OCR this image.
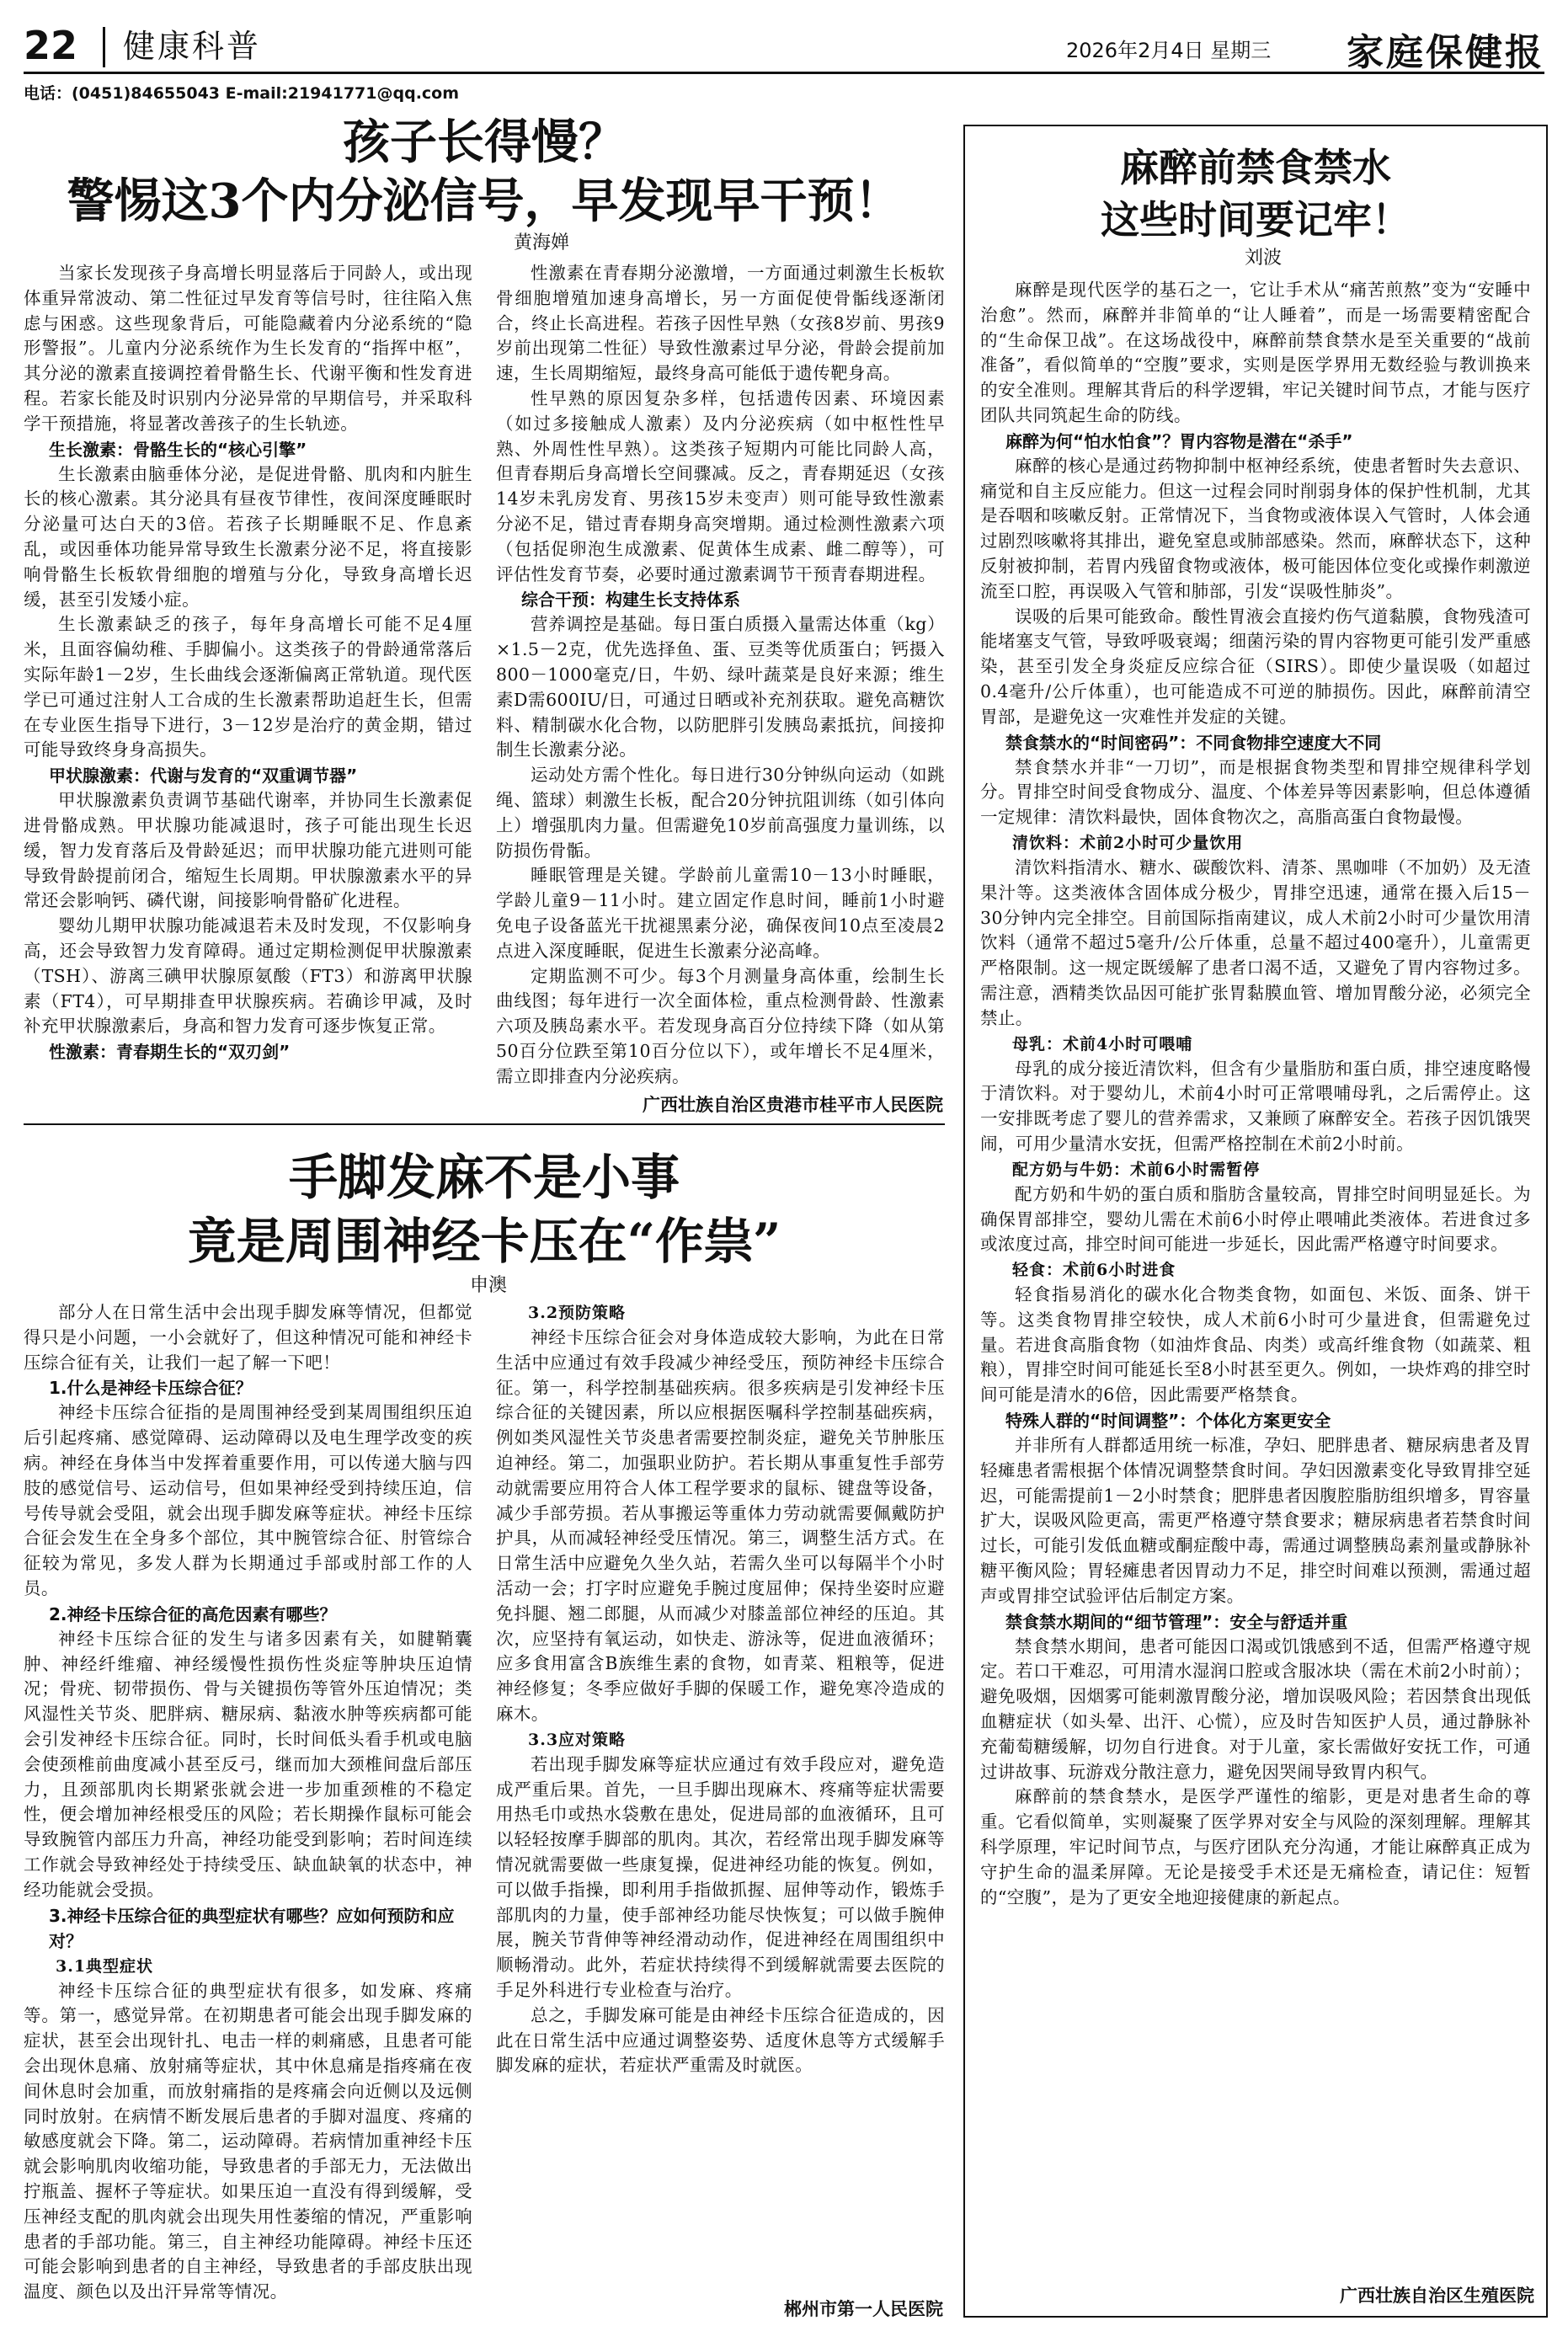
22 健康科普	2026年2月4日 星期三 家庭保健报
电话：(0451)84655043 E-mail:21941771@qq.com
孩子长得慢？
警惕这3个内分泌信号，早发现早干预！
黄海婵

当家长发现孩子身高增长明显落后于同龄人，或出现体重异常波动、第二性征过早发育等信号时，往往陷入焦虑与困惑。这些现象背后，可能隐藏着内分泌系统的“隐形警报”。儿童内分泌系统作为生长发育的“指挥中枢”，其分泌的激素直接调控着骨骼生长、代谢平衡和性发育进程。若家长能及时识别内分泌异常的早期信号，并采取科学干预措施，将显著改善孩子的生长轨迹。

生长激素：骨骼生长的“核心引擎”

生长激素由脑垂体分泌，是促进骨骼、肌肉和内脏生长的核心激素。其分泌具有昼夜节律性，夜间深度睡眠时分泌量可达白天的3倍。若孩子长期睡眠不足、作息紊乱，或因垂体功能异常导致生长激素分泌不足，将直接影响骨骼生长板软骨细胞的增殖与分化，导致身高增长迟缓，甚至引发矮小症。

生长激素缺乏的孩子，每年身高增长可能不足4厘米，且面容偏幼稚、手脚偏小。这类孩子的骨龄通常落后实际年龄1－2岁，生长曲线会逐渐偏离正常轨道。现代医学已可通过注射人工合成的生长激素帮助追赶生长，但需在专业医生指导下进行，3－12岁是治疗的黄金期，错过可能导致终身身高损失。

甲状腺激素：代谢与发育的“双重调节器”

甲状腺激素负责调节基础代谢率，并协同生长激素促进骨骼成熟。甲状腺功能减退时，孩子可能出现生长迟缓，智力发育落后及骨龄延迟；而甲状腺功能亢进则可能导致骨龄提前闭合，缩短生长周期。甲状腺激素水平的异常还会影响钙、磷代谢，间接影响骨骼矿化进程。

婴幼儿期甲状腺功能减退若未及时发现，不仅影响身高，还会导致智力发育障碍。通过定期检测促甲状腺激素（TSH）、游离三碘甲状腺原氨酸（FT3）和游离甲状腺素（FT4），可早期排查甲状腺疾病。若确诊甲减，及时补充甲状腺激素后，身高和智力发育可逐步恢复正常。

性激素：青春期生长的“双刃剑”

性激素在青春期分泌激增，一方面通过刺激生长板软骨细胞增殖加速身高增长，另一方面促使骨骺线逐渐闭合，终止长高进程。若孩子因性早熟（女孩8岁前、男孩9岁前出现第二性征）导致性激素过早分泌，骨龄会提前加速，生长周期缩短，最终身高可能低于遗传靶身高。

性早熟的原因复杂多样，包括遗传因素、环境因素（如过多接触成人激素）及内分泌疾病（如中枢性性早熟、外周性性早熟）。这类孩子短期内可能比同龄人高，但青春期后身高增长空间骤减。反之，青春期延迟（女孩14岁未乳房发育、男孩15岁未变声）则可能导致性激素分泌不足，错过青春期身高突增期。通过检测性激素六项（包括促卵泡生成激素、促黄体生成素、雌二醇等），可评估性发育节奏，必要时通过激素调节干预青春期进程。

综合干预：构建生长支持体系

营养调控是基础。每日蛋白质摄入量需达体重（kg）×1.5－2克，优先选择鱼、蛋、豆类等优质蛋白；钙摄入800－1000毫克/日，牛奶、绿叶蔬菜是良好来源；维生素D需600IU/日，可通过日晒或补充剂获取。避免高糖饮料、精制碳水化合物，以防肥胖引发胰岛素抵抗，间接抑制生长激素分泌。

运动处方需个性化。每日进行30分钟纵向运动（如跳绳、篮球）刺激生长板，配合20分钟抗阻训练（如引体向上）增强肌肉力量。但需避免10岁前高强度力量训练，以防损伤骨骺。

睡眠管理是关键。学龄前儿童需10－13小时睡眠，学龄儿童9－11小时。建立固定作息时间，睡前1小时避免电子设备蓝光干扰褪黑素分泌，确保夜间10点至凌晨2点进入深度睡眠，促进生长激素分泌高峰。

定期监测不可少。每3个月测量身高体重，绘制生长曲线图；每年进行一次全面体检，重点检测骨龄、性激素六项及胰岛素水平。若发现身高百分位持续下降（如从第50百分位跌至第10百分位以下），或年增长不足4厘米，需立即排查内分泌疾病。

广西壮族自治区贵港市桂平市人民医院
手脚发麻不是小事
竟是周围神经卡压在“作祟”
申澳

部分人在日常生活中会出现手脚发麻等情况，但都觉得只是小问题，一小会就好了，但这种情况可能和神经卡压综合征有关，让我们一起了解一下吧！

1.什么是神经卡压综合征？

神经卡压综合征指的是周围神经受到某周围组织压迫后引起疼痛、感觉障碍、运动障碍以及电生理学改变的疾病。神经在身体当中发挥着重要作用，可以传递大脑与四肢的感觉信号、运动信号，但如果神经受到持续压迫，信号传导就会受阻，就会出现手脚发麻等症状。神经卡压综合征会发生在全身多个部位，其中腕管综合征、肘管综合征较为常见，多发人群为长期通过手部或肘部工作的人员。

2.神经卡压综合征的高危因素有哪些？

神经卡压综合征的发生与诸多因素有关，如腱鞘囊肿、神经纤维瘤、神经缓慢性损伤性炎症等肿块压迫情况；骨疣、韧带损伤、骨与关键损伤等管外压迫情况；类风湿性关节炎、肥胖病、糖尿病、黏液水肿等疾病都可能会引发神经卡压综合征。同时，长时间低头看手机或电脑会使颈椎前曲度减小甚至反弓，继而加大颈椎间盘后部压力，且颈部肌肉长期紧张就会进一步加重颈椎的不稳定性，便会增加神经根受压的风险；若长期操作鼠标可能会导致腕管内部压力升高，神经功能受到影响；若时间连续工作就会导致神经处于持续受压、缺血缺氧的状态中，神经功能就会受损。

3.神经卡压综合征的典型症状有哪些？应如何预防和应对？
3.1典型症状

神经卡压综合征的典型症状有很多，如发麻、疼痛等。第一，感觉异常。在初期患者可能会出现手脚发麻的症状，甚至会出现针扎、电击一样的刺痛感，且患者可能会出现休息痛、放射痛等症状，其中休息痛是指疼痛在夜间休息时会加重，而放射痛指的是疼痛会向近侧以及远侧同时放射。在病情不断发展后患者的手脚对温度、疼痛的敏感度就会下降。第二，运动障碍。若病情加重神经卡压就会影响肌肉收缩功能，导致患者的手部无力，无法做出拧瓶盖、握杯子等症状。如果压迫一直没有得到缓解，受压神经支配的肌肉就会出现失用性萎缩的情况，严重影响患者的手部功能。第三，自主神经功能障碍。神经卡压还可能会影响到患者的自主神经，导致患者的手部皮肤出现温度、颜色以及出汗异常等情况。

3.2预防策略

神经卡压综合征会对身体造成较大影响，为此在日常生活中应通过有效手段减少神经受压，预防神经卡压综合征。第一，科学控制基础疾病。很多疾病是引发神经卡压综合征的关键因素，所以应根据医嘱科学控制基础疾病，例如类风湿性关节炎患者需要控制炎症，避免关节肿胀压迫神经。第二，加强职业防护。若长期从事重复性手部劳动就需要应用符合人体工程学要求的鼠标、键盘等设备，减少手部劳损。若从事搬运等重体力劳动就需要佩戴防护护具，从而减轻神经受压情况。第三，调整生活方式。在日常生活中应避免久坐久站，若需久坐可以每隔半个小时活动一会；打字时应避免手腕过度屈伸；保持坐姿时应避免抖腿、翘二郎腿，从而减少对膝盖部位神经的压迫。其次，应坚持有氧运动，如快走、游泳等，促进血液循环；应多食用富含B族维生素的食物，如青菜、粗粮等，促进神经修复；冬季应做好手脚的保暖工作，避免寒冷造成的麻木。

3.3应对策略

若出现手脚发麻等症状应通过有效手段应对，避免造成严重后果。首先，一旦手脚出现麻木、疼痛等症状需要用热毛巾或热水袋敷在患处，促进局部的血液循环，且可以轻轻按摩手脚部的肌肉。其次，若经常出现手脚发麻等情况就需要做一些康复操，促进神经功能的恢复。例如，可以做手指操，即利用手指做抓握、屈伸等动作，锻炼手部肌肉的力量，使手部神经功能尽快恢复；可以做手腕伸展，腕关节背伸等神经滑动动作，促进神经在周围组织中顺畅滑动。此外，若症状持续得不到缓解就需要去医院的手足外科进行专业检查与治疗。

总之，手脚发麻可能是由神经卡压综合征造成的，因此在日常生活中应通过调整姿势、适度休息等方式缓解手脚发麻的症状，若症状严重需及时就医。

郴州市第一人民医院
麻醉前禁食禁水
这些时间要记牢！
刘波

麻醉是现代医学的基石之一，它让手术从“痛苦煎熬”变为“安睡中治愈”。然而，麻醉并非简单的“让人睡着”，而是一场需要精密配合的“生命保卫战”。在这场战役中，麻醉前禁食禁水是至关重要的“战前准备”，看似简单的“空腹”要求，实则是医学界用无数经验与教训换来的安全准则。理解其背后的科学逻辑，牢记关键时间节点，才能与医疗团队共同筑起生命的防线。

麻醉为何“怕水怕食”？胃内容物是潜在“杀手”

麻醉的核心是通过药物抑制中枢神经系统，使患者暂时失去意识、痛觉和自主反应能力。但这一过程会同时削弱身体的保护性机制，尤其是吞咽和咳嗽反射。正常情况下，当食物或液体误入气管时，人体会通过剧烈咳嗽将其排出，避免窒息或肺部感染。然而，麻醉状态下，这种反射被抑制，若胃内残留食物或液体，极可能因体位变化或操作刺激逆流至口腔，再误吸入气管和肺部，引发“误吸性肺炎”。

误吸的后果可能致命。酸性胃液会直接灼伤气道黏膜，食物残渣可能堵塞支气管，导致呼吸衰竭；细菌污染的胃内容物更可能引发严重感染，甚至引发全身炎症反应综合征（SIRS）。即使少量误吸（如超过0.4毫升/公斤体重），也可能造成不可逆的肺损伤。因此，麻醉前清空胃部，是避免这一灾难性并发症的关键。

禁食禁水的“时间密码”：不同食物排空速度大不同

禁食禁水并非“一刀切”，而是根据食物类型和胃排空规律科学划分。胃排空时间受食物成分、温度、个体差异等因素影响，但总体遵循一定规律：清饮料最快，固体食物次之，高脂高蛋白食物最慢。

清饮料：术前2小时可少量饮用

清饮料指清水、糖水、碳酸饮料、清茶、黑咖啡（不加奶）及无渣果汁等。这类液体含固体成分极少，胃排空迅速，通常在摄入后15－30分钟内完全排空。目前国际指南建议，成人术前2小时可少量饮用清饮料（通常不超过5毫升/公斤体重，总量不超过400毫升），儿童需更严格限制。这一规定既缓解了患者口渴不适，又避免了胃内容物过多。需注意，酒精类饮品因可能扩张胃黏膜血管、增加胃酸分泌，必须完全禁止。

母乳：术前4小时可喂哺

母乳的成分接近清饮料，但含有少量脂肪和蛋白质，排空速度略慢于清饮料。对于婴幼儿，术前4小时可正常喂哺母乳，之后需停止。这一安排既考虑了婴儿的营养需求，又兼顾了麻醉安全。若孩子因饥饿哭闹，可用少量清水安抚，但需严格控制在术前2小时前。

配方奶与牛奶：术前6小时需暂停

配方奶和牛奶的蛋白质和脂肪含量较高，胃排空时间明显延长。为确保胃部排空，婴幼儿需在术前6小时停止喂哺此类液体。若进食过多或浓度过高，排空时间可能进一步延长，因此需严格遵守时间要求。

轻食：术前6小时进食

轻食指易消化的碳水化合物类食物，如面包、米饭、面条、饼干等。这类食物胃排空较快，成人术前6小时可少量进食，但需避免过量。若进食高脂食物（如油炸食品、肉类）或高纤维食物（如蔬菜、粗粮），胃排空时间可能延长至8小时甚至更久。例如，一块炸鸡的排空时间可能是清水的6倍，因此需要严格禁食。

特殊人群的“时间调整”：个体化方案更安全

并非所有人群都适用统一标准，孕妇、肥胖患者、糖尿病患者及胃轻瘫患者需根据个体情况调整禁食时间。孕妇因激素变化导致胃排空延迟，可能需提前1－2小时禁食；肥胖患者因腹腔脂肪组织增多，胃容量扩大，误吸风险更高，需更严格遵守禁食要求；糖尿病患者若禁食时间过长，可能引发低血糖或酮症酸中毒，需通过调整胰岛素剂量或静脉补糖平衡风险；胃轻瘫患者因胃动力不足，排空时间难以预测，需通过超声或胃排空试验评估后制定方案。

禁食禁水期间的“细节管理”：安全与舒适并重

禁食禁水期间，患者可能因口渴或饥饿感到不适，但需严格遵守规定。若口干难忍，可用清水湿润口腔或含服冰块（需在术前2小时前）；避免吸烟，因烟雾可能刺激胃酸分泌，增加误吸风险；若因禁食出现低血糖症状（如头晕、出汗、心慌），应及时告知医护人员，通过静脉补充葡萄糖缓解，切勿自行进食。对于儿童，家长需做好安抚工作，可通过讲故事、玩游戏分散注意力，避免因哭闹导致胃内积气。

麻醉前的禁食禁水，是医学严谨性的缩影，更是对患者生命的尊重。它看似简单，实则凝聚了医学界对安全与风险的深刻理解。理解其科学原理，牢记时间节点，与医疗团队充分沟通，才能让麻醉真正成为守护生命的温柔屏障。无论是接受手术还是无痛检查，请记住：短暂的“空腹”，是为了更安全地迎接健康的新起点。

广西壮族自治区生殖医院
